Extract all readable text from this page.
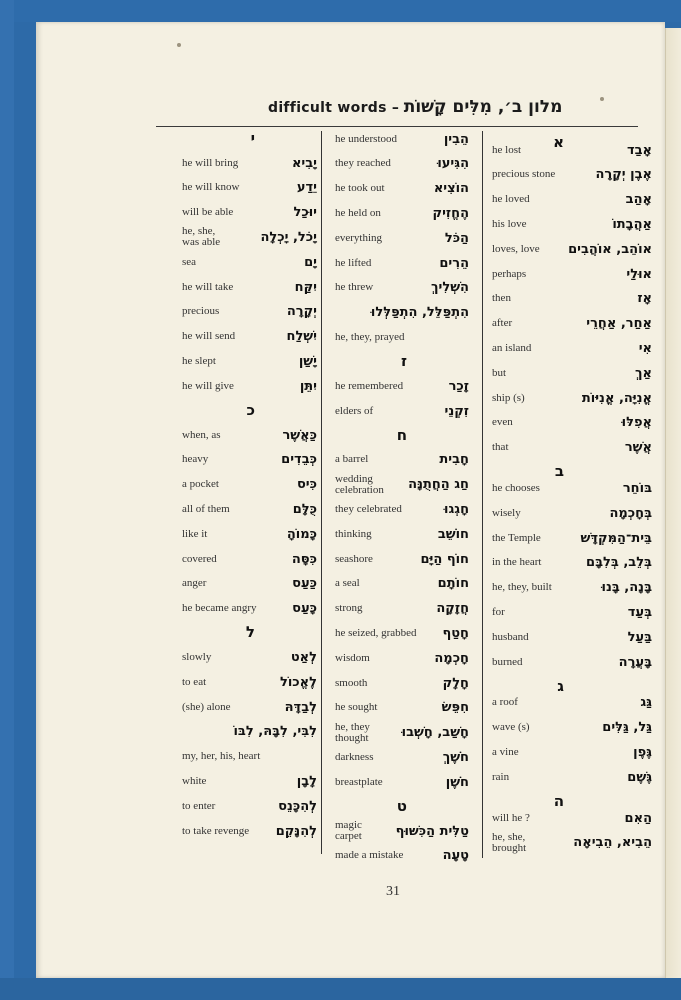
difficult words – מלון ב׳, מִלִּים קָשׁוֹת
א
he lost	אָבַד
precious stone	אֶבֶן יְקָרָה
he loved	אָהַב
his love	אַהֲבָתוֹ
loves, love אוֹהֵב, אוֹהֲבִים
perhaps	אוּלַי
then	אָז
after	אַחַר, אַחֲרֵי
an island	אִי
but	אַךְ
ship (s)	אֳנִיָּה, אֳנִיּוֹת
even	אֲפִלּוּ
that	אֲשֶׁר
ב
he chooses	בּוֹחֵר
wisely	בְּחָכְמָה
the Temple	בֵּית־הַמִּקְדָּשׁ
in the heart	בְּלֵב, בְּלִבָּם
he, they, built	בָּנָה, בָּנוּ
for	בְּעַד
husband	בַּעַל
burned	בָּעֲרָה
ג
a roof	גַּג
wave (s)	גַּל, גַּלִּים
a vine	גֶּפֶן
rain	גֶּשֶׁם
ה
will he ?	הַאִם
he, she,
brought	הֵבִיא, הֵבִיאָה
he understood	הֵבִין
they reached	הִגִּיעוּ
he took out	הוֹצִיא
he held on	הֶחֱזִיק
everything	הַכֹּל
he lifted	הֵרִים
he threw	הִשְׁלִיךְ
הִתְפַּלֵּל, הִתְפַּלְּלוּ
he, they, prayed
ז
he remembered	זָכַר
elders of	זִקְנֵי
ח
a barrel	חָבִית
wedding
celebration חַג הַחֲתֻנָּה
they celebrated	חָגְגוּ
thinking	חוֹשֵׁב
seashore	חוֹף הַיָּם
a seal	חוֹתָם
strong	חֲזָקָה
he seized, grabbed חָטַף
wisdom	חָכְמָה
smooth	חָלָק
he sought	חִפֵּשׂ
he, they
thought	חָשַׁב, חָשְׁבוּ
darkness	חֹשֶׁךְ
breastplate	חֹשֶׁן
ט
magic
carpet	טַלִּית הַכִּשּׁוּף
made a mistake	טָעָה
י
he will bring	יָבִיא
he will know	יֵדַע
will be able	יוּכַל
he, she,
was able	יָכֹל, יָכְלָה
sea	יָם
he will take	יִקַּח
precious	יְקָרָה
he will send	יִשְׁלַח
he slept	יָשַׁן
he will give	יִתֵּן
כ
when, as	כַּאֲשֶׁר
heavy	כְּבֵדִים
a pocket	כִּיס
all of them	כֻּלָּם
like it	כָּמוֹהָ
covered	כִּסָּה
anger	כַּעַס
he became angry	כָּעַס
ל
slowly	לְאַט
to eat	לֶאֱכוֹל
(she) alone	לְבַדָּהּ
לִבִּי, לִבָּהּ, לִבּוֹ
my, her, his, heart
white	לָבָן
to enter	לְהִכָּנֵס
to take revenge לְהִנָּקֵם
31
